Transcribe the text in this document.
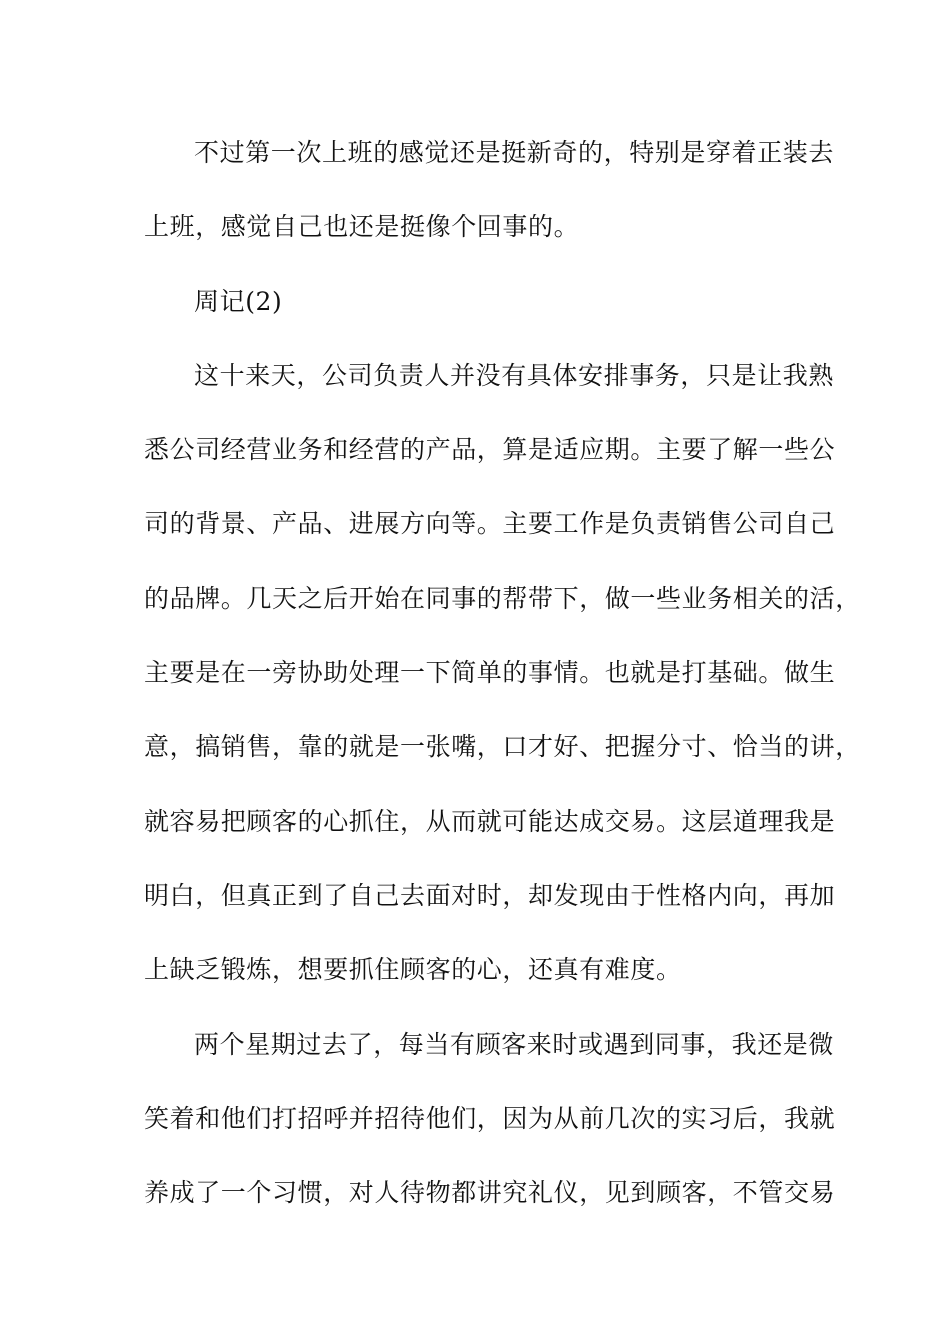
不过第一次上班的感觉还是挺新奇的，特别是穿着正装去
上班，感觉自己也还是挺像个回事的。
周记(2)
这十来天，公司负责人并没有具体安排事务，只是让我熟
悉公司经营业务和经营的产品，算是适应期。主要了解一些公
司的背景、产品、进展方向等。主要工作是负责销售公司自己
的品牌。几天之后开始在同事的帮带下，做一些业务相关的活，
主要是在一旁协助处理一下简单的事情。也就是打基础。做生
意，搞销售，靠的就是一张嘴，口才好、把握分寸、恰当的讲，
就容易把顾客的心抓住，从而就可能达成交易。这层道理我是
明白，但真正到了自己去面对时，却发现由于性格内向，再加
上缺乏锻炼，想要抓住顾客的心，还真有难度。
两个星期过去了，每当有顾客来时或遇到同事，我还是微
笑着和他们打招呼并招待他们，因为从前几次的实习后，我就
养成了一个习惯，对人待物都讲究礼仪，见到顾客，不管交易
